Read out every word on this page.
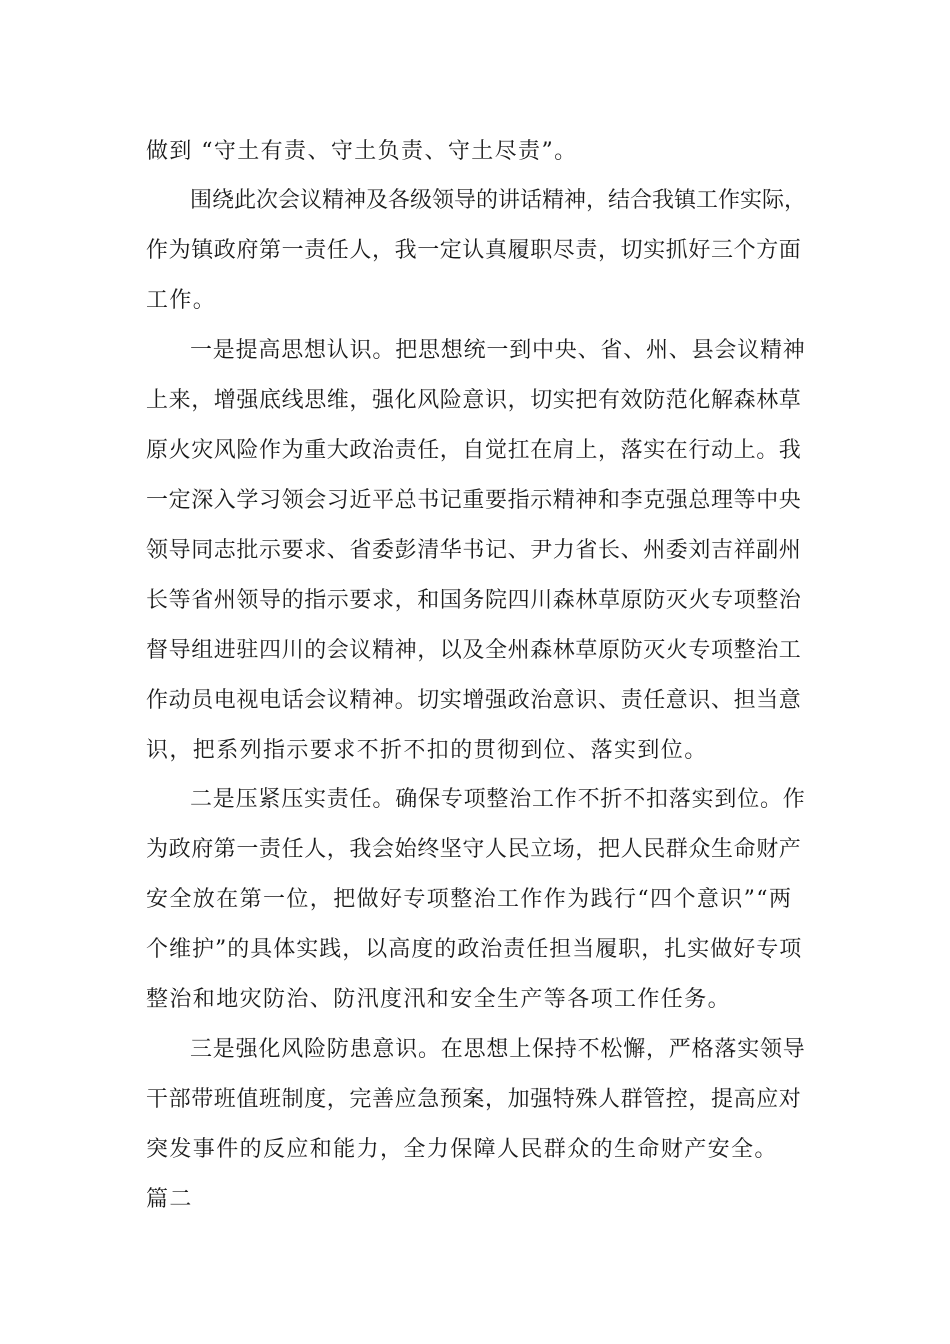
做到 “守土有责、守土负责、守土尽责”。
围绕此次会议精神及各级领导的讲话精神，结合我镇工作实际，
作为镇政府第一责任人，我一定认真履职尽责，切实抓好三个方面
工作。
一是提高思想认识。把思想统一到中央、省、州、县会议精神
上来，增强底线思维，强化风险意识，切实把有效防范化解森林草
原火灾风险作为重大政治责任，自觉扛在肩上，落实在行动上。我
一定深入学习领会习近平总书记重要指示精神和李克强总理等中央
领导同志批示要求、省委彭清华书记、尹力省长、州委刘吉祥副州
长等省州领导的指示要求，和国务院四川森林草原防灭火专项整治
督导组进驻四川的会议精神，以及全州森林草原防灭火专项整治工
作动员电视电话会议精神。切实增强政治意识、责任意识、担当意
识，把系列指示要求不折不扣的贯彻到位、落实到位。
二是压紧压实责任。确保专项整治工作不折不扣落实到位。作
为政府第一责任人，我会始终坚守人民立场，把人民群众生命财产
安全放在第一位，把做好专项整治工作作为践行“四个意识”“两
个维护”的具体实践，以高度的政治责任担当履职，扎实做好专项
整治和地灾防治、防汛度汛和安全生产等各项工作任务。
三是强化风险防患意识。在思想上保持不松懈，严格落实领导
干部带班值班制度，完善应急预案，加强特殊人群管控，提高应对
突发事件的反应和能力，全力保障人民群众的生命财产安全。
篇二
